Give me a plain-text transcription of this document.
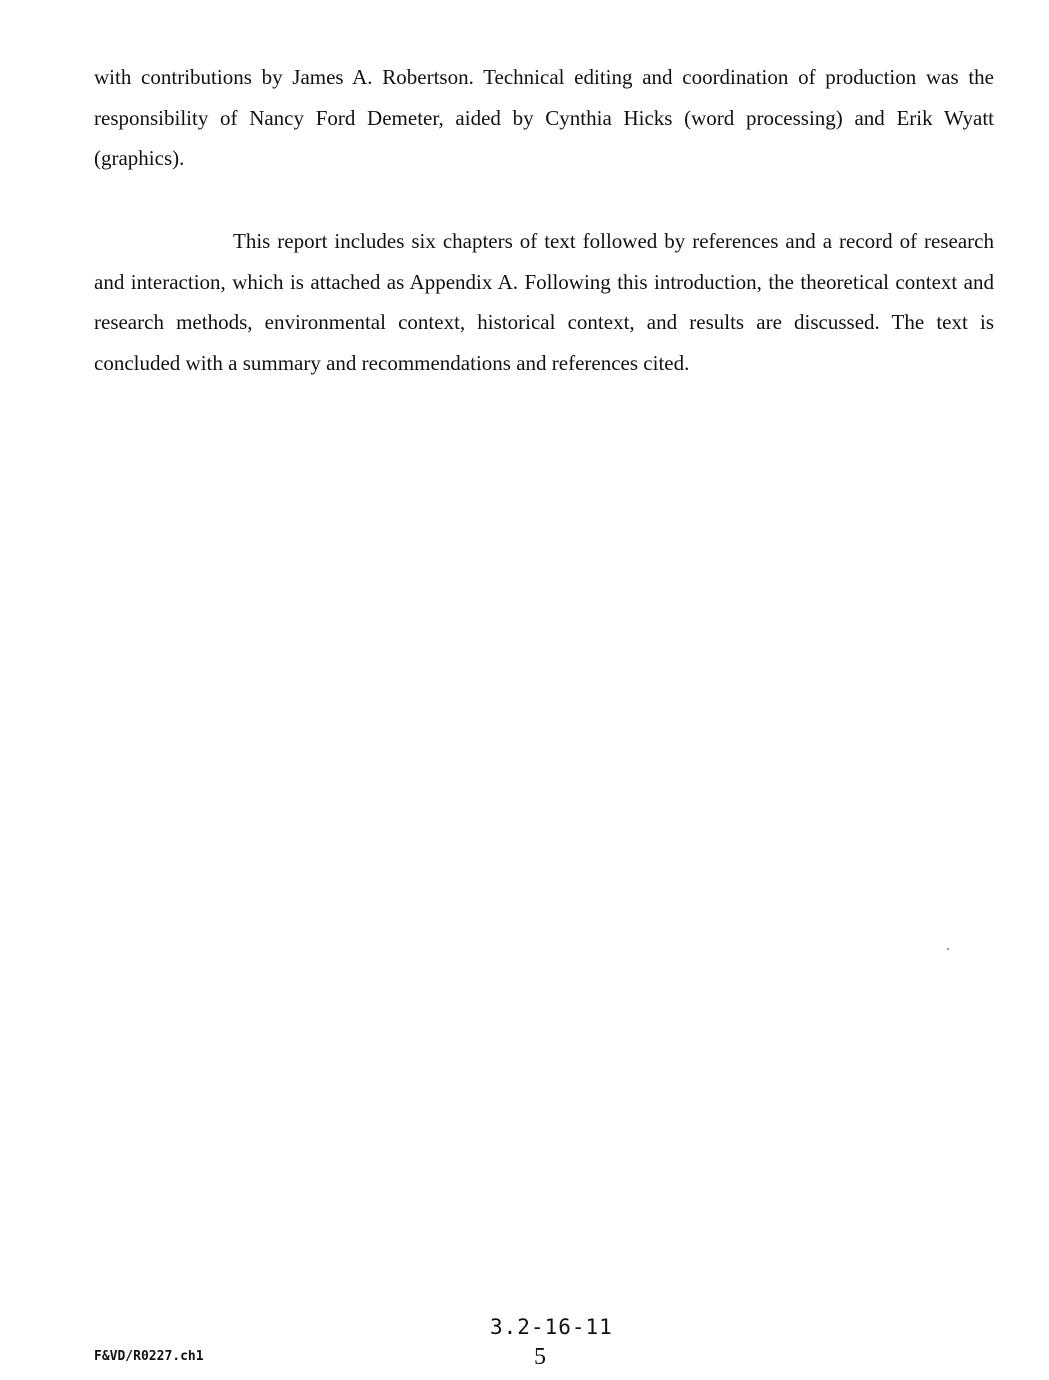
with contributions by James A. Robertson. Technical editing and coordination of production was the responsibility of Nancy Ford Demeter, aided by Cynthia Hicks (word processing) and Erik Wyatt (graphics).

This report includes six chapters of text followed by references and a record of research and interaction, which is attached as Appendix A. Following this introduction, the theoretical context and research methods, environmental context, historical context, and results are discussed. The text is concluded with a summary and recommendations and references cited.

3.2-16-11
5
F&VD/R0227.ch1
